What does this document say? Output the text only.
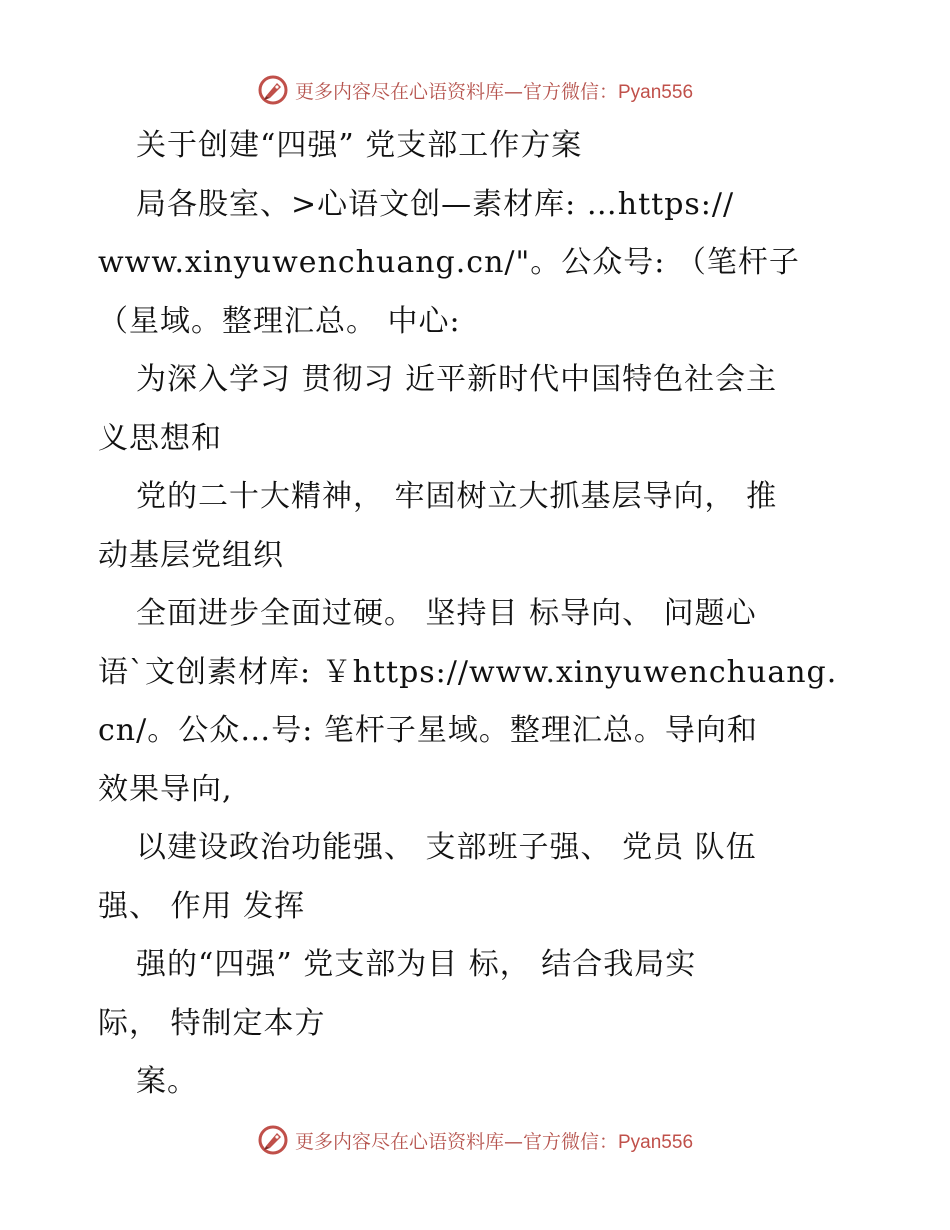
更多内容尽在心语资料库—官方微信：Pyan556
关于创建“四强” 党支部工作方案
局各股室、>心语文创—素材库: …https://
www.xinyuwenchuang.cn/"。公众号: （笔杆子
（星域。整理汇总。 中心:
为深入学习 贯彻习 近平新时代中国特色社会主
义思想和
党的二十大精神， 牢固树立大抓基层导向， 推
动基层党组织
全面进步全面过硬。 坚持目 标导向、 问题心
语`文创素材库: ￥https://www.xinyuwenchuang.
cn/。公众…号: 笔杆子星域。整理汇总。导向和
效果导向,
以建设政治功能强、 支部班子强、 党员 队伍
强、 作用 发挥
强的“四强” 党支部为目 标， 结合我局实
际， 特制定本方
案。
更多内容尽在心语资料库—官方微信：Pyan556
